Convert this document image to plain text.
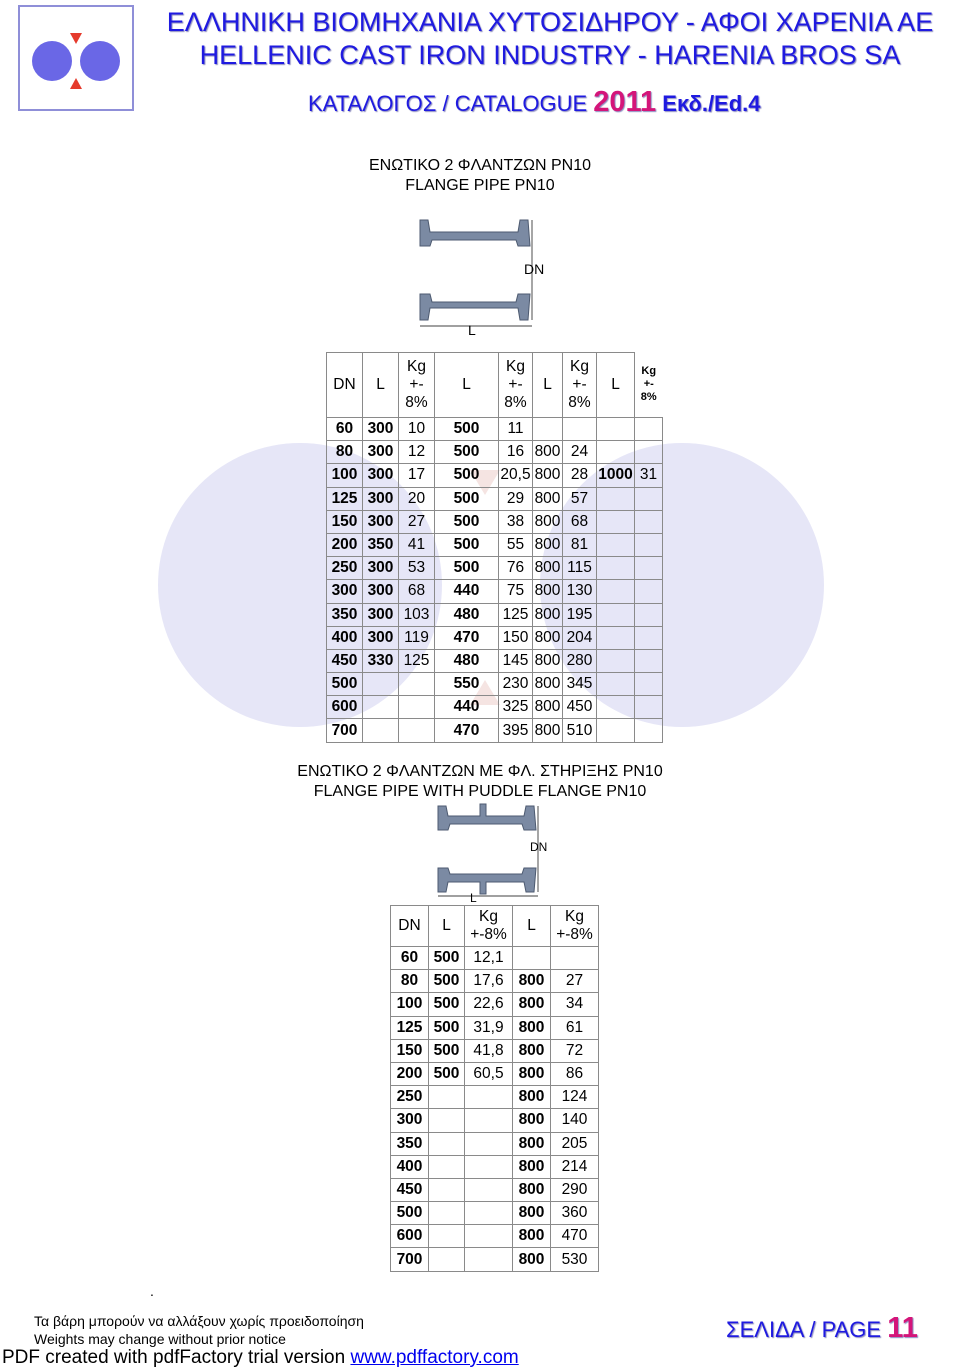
ΕΛΛΗΝΙΚΗ ΒΙΟΜΗΧΑΝΙΑ ΧΥΤΟΣΙΔΗΡΟΥ - ΑΦΟΙ ΧΑΡΕΝΙΑ ΑΕ
HELLENIC CAST IRON INDUSTRY - HARENIA BROS SA
ΚΑΤΑΛΟΓΟΣ / CATALOGUE 2011 Εκδ./Ed.4
ΕΝΩΤΙΚΟ 2 ΦΛΑΝΤΖΩΝ PN10
FLANGE PIPE PN10
DN
L
DN	L	Kg +- 8%	L	Kg +- 8%	L	Kg +- 8%	L	Kg +- 8%
60	300	10	500	11				
80	300	12	500	16	800	24		
100	300	17	500	20,5	800	28	1000	31
125	300	20	500	29	800	57		
150	300	27	500	38	800	68		
200	350	41	500	55	800	81		
250	300	53	500	76	800	115		
300	300	68	440	75	800	130		
350	300	103	480	125	800	195		
400	300	119	470	150	800	204		
450	330	125	480	145	800	280		
500			550	230	800	345		
600			440	325	800	450		
700			470	395	800	510		
ΕΝΩΤΙΚΟ 2 ΦΛΑΝΤΖΩΝ ΜΕ ΦΛ. ΣΤΗΡΙΞΗΣ PN10
FLANGE PIPE WITH PUDDLE FLANGE PN10
DN
L
DN	L	Kg +-8%	L	Kg +-8%
60	500	12,1		
80	500	17,6	800	27
100	500	22,6	800	34
125	500	31,9	800	61
150	500	41,8	800	72
200	500	60,5	800	86
250			800	124
300			800	140
350			800	205
400			800	214
450			800	290
500			800	360
600			800	470
700			800	530
.
Τα βάρη μπορούν να αλλάξουν χωρίς προειδοποίηση
Weights may change without prior notice
PDF created with pdfFactory trial version www.pdffactory.com
ΣΕΛΙΔΑ / PAGE 11
